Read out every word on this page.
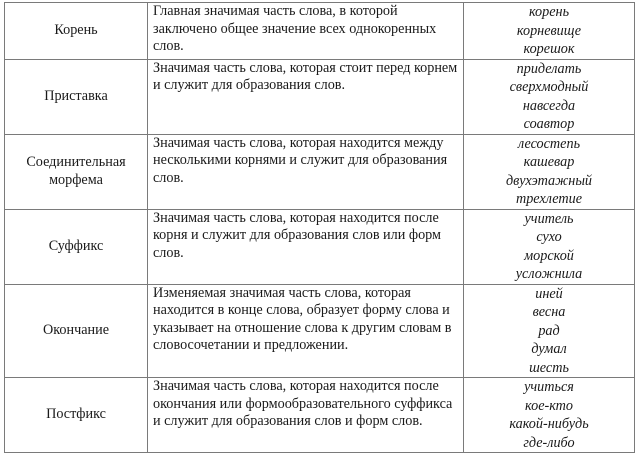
Корень	Главная значимая часть слова, в которой заключено общее значение всех однокоренных слов.	корень
корневище
корешок

Приставка	Значимая часть слова, которая стоит перед корнем и служит для образования слов.	приделать
сверхмодный
навсегда
соавтор

Соединительная
морфема	Значимая часть слова, которая находится между несколькими корнями и служит для образования слов.	лесостепь
кашевар
двухэтажный
трехлетие

Суффикс	Значимая часть слова, которая находится после корня и служит для образования слов или форм слов.	учитель
сухо
морской
усложнила

Окончание	Изменяемая значимая часть слова, которая находится в конце слова, образует форму слова и указывает на отношение слова к другим словам в словосочетании и предложении.	иней
весна
рад
думал
шесть

Постфикс	Значимая часть слова, которая находится после окончания или формообразовательного суффикса и служит для образования слов и форм слов.	учиться
кое-кто
какой-нибудь
где-либо
